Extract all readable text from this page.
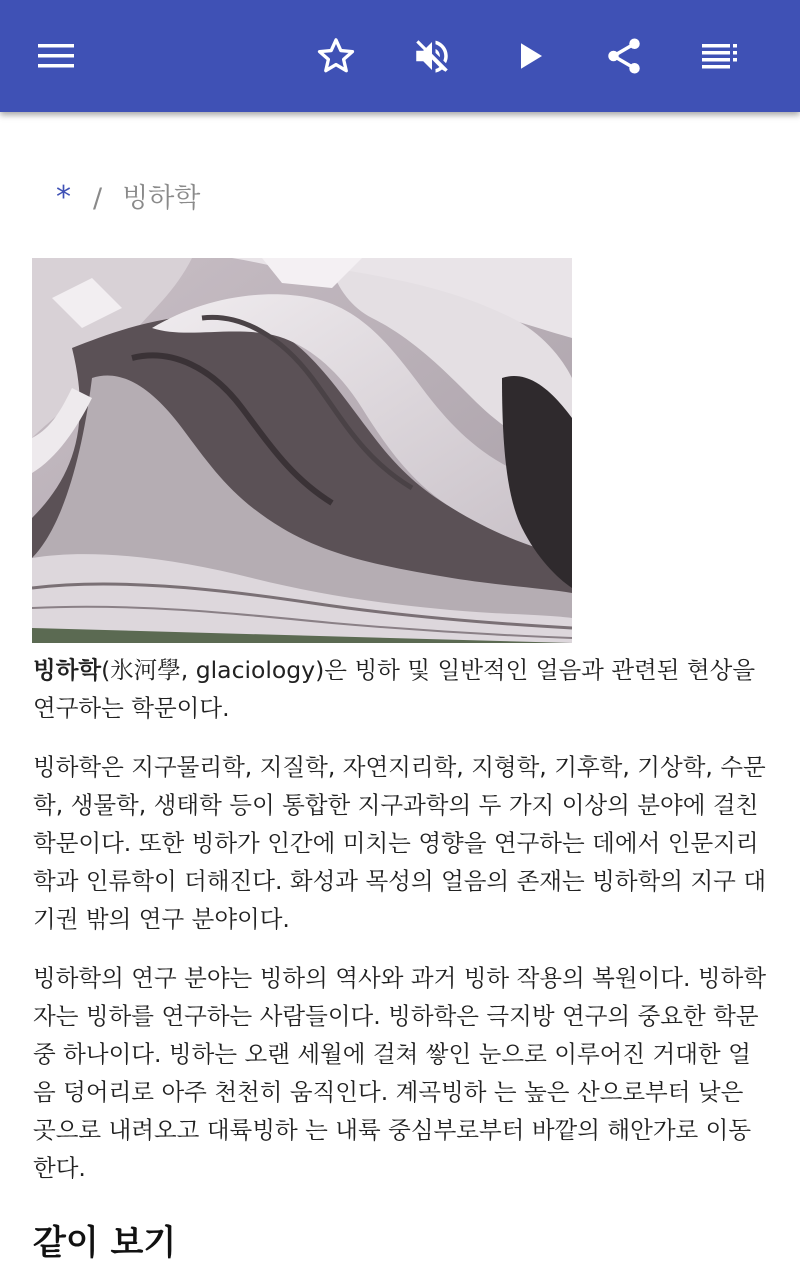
* / 빙하학

빙하학(氷河學, glaciology)은 빙하 및 일반적인 얼음과 관련된 현상을 연구하는 학문이다.

빙하학은 지구물리학, 지질학, 자연지리학, 지형학, 기후학, 기상학, 수문학, 생물학, 생태학 등이 통합한 지구과학의 두 가지 이상의 분야에 걸친 학문이다. 또한 빙하가 인간에 미치는 영향을 연구하는 데에서 인문지리학과 인류학이 더해진다. 화성과 목성의 얼음의 존재는 빙하학의 지구 대기권 밖의 연구 분야이다.

빙하학의 연구 분야는 빙하의 역사와 과거 빙하 작용의 복원이다. 빙하학자는 빙하를 연구하는 사람들이다. 빙하학은 극지방 연구의 중요한 학문 중 하나이다. 빙하는 오랜 세월에 걸쳐 쌓인 눈으로 이루어진 거대한 얼음 덩어리로 아주 천천히 움직인다. 계곡빙하 는 높은 산으로부터 낮은 곳으로 내려오고 대륙빙하 는 내륙 중심부로부터 바깥의 해안가로 이동한다.

같이 보기
